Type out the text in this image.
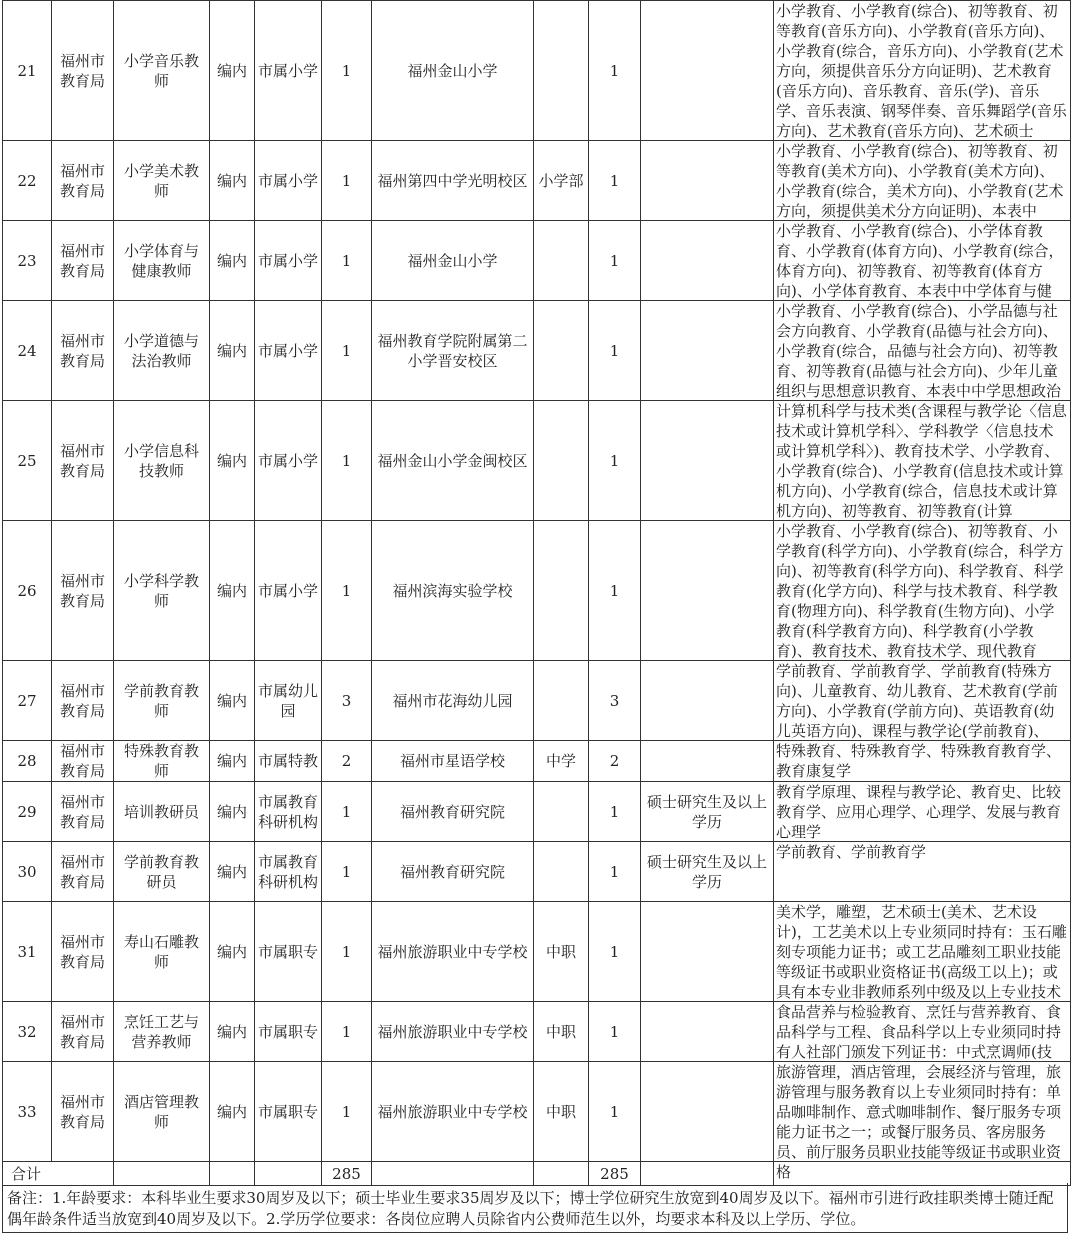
21	福州市教育局	小学音乐教师	编内	市属小学	1	福州金山小学		1		小学教育、小学教育(综合)、初等教育、初等教育(音乐方向)、小学教育(音乐方向)、小学教育(综合，音乐方向)、小学教育(艺术方向，须提供音乐分方向证明)、艺术教育(音乐方向)、音乐教育、音乐(学)、音乐学、音乐表演、钢琴伴奏、音乐舞蹈学(音乐方向)、艺术教育(音乐方向)、艺术硕士

22	福州市教育局	小学美术教师	编内	市属小学	1	福州第四中学光明校区	小学部	1		小学教育、小学教育(综合)、初等教育、初等教育(美术方向)、小学教育(美术方向)、小学教育(综合，美术方向)、小学教育(艺术方向，须提供美术分方向证明)、本表中

23	福州市教育局	小学体育与健康教师	编内	市属小学	1	福州金山小学		1		小学教育、小学教育(综合)、小学体育教育、小学教育(体育方向)、小学教育(综合，体育方向)、初等教育、初等教育(体育方向)、小学体育教育、本表中中学体育与健

24	福州市教育局	小学道德与法治教师	编内	市属小学	1	福州教育学院附属第二小学晋安校区		1		小学教育、小学教育(综合)、小学品德与社会方向教育、小学教育(品德与社会方向)、小学教育(综合，品德与社会方向)、初等教育、初等教育(品德与社会方向)、少年儿童组织与思想意识教育、本表中中学思想政治

25	福州市教育局	小学信息科技教师	编内	市属小学	1	福州金山小学金闽校区		1		计算机科学与技术类(含课程与教学论〈信息技术或计算机学科〉、学科教学〈信息技术或计算机学科〉)、教育技术学、小学教育、小学教育(综合)、小学教育(信息技术或计算机方向)、小学教育(综合，信息技术或计算机方向)、初等教育、初等教育(计算

26	福州市教育局	小学科学教师	编内	市属小学	1	福州滨海实验学校		1		小学教育、小学教育(综合)、初等教育、小学教育(科学方向)、小学教育(综合，科学方向)、初等教育(科学方向)、科学教育、科学教育(化学方向)、科学与技术教育、科学教育(物理方向)、科学教育(生物方向)、小学教育(科学教育方向)、科学教育(小学教育)、教育技术、教育技术学、现代教育

27	福州市教育局	学前教育教师	编内	市属幼儿园	3	福州市花海幼儿园		3		学前教育、学前教育学、学前教育(特殊方向)、儿童教育、幼儿教育、艺术教育(学前方向)、小学教育(学前方向)、英语教育(幼儿英语方向)、课程与教学论(学前教育)、

28	福州市教育局	特殊教育教师	编内	市属特教	2	福州市星语学校	中学	2		特殊教育、特殊教育学、特殊教育教育学、教育康复学

29	福州市教育局	培训教研员	编内	市属教育科研机构	1	福州教育研究院		1	硕士研究生及以上学历	教育学原理、课程与教学论、教育史、比较教育学、应用心理学、心理学、发展与教育心理学

30	福州市教育局	学前教育教研员	编内	市属教育科研机构	1	福州教育研究院		1	硕士研究生及以上学历	学前教育、学前教育学

31	福州市教育局	寿山石雕教师	编内	市属职专	1	福州旅游职业中专学校	中职	1		美术学，雕塑，艺术硕士(美术、艺术设计)，工艺美术以上专业须同时持有：玉石雕刻专项能力证书；或工艺品雕刻工职业技能等级证书或职业资格证书(高级工以上)；或具有本专业非教师系列中级及以上专业技术

32	福州市教育局	烹饪工艺与营养教师	编内	市属职专	1	福州旅游职业中专学校	中职	1		食品营养与检验教育、烹饪与营养教育、食品科学与工程、食品科学以上专业须同时持有人社部门颁发下列证书：中式烹调师(技

33	福州市教育局	酒店管理教师	编内	市属职专	1	福州旅游职业中专学校	中职	1		旅游管理，酒店管理，会展经济与管理，旅游管理与服务教育以上专业须同时持有：单品咖啡制作、意式咖啡制作、餐厅服务专项能力证书之一；或餐厅服务员、客房服务员、前厅服务员职业技能等级证书或职业资格

合计					285			285		
备注：1.年龄要求：本科毕业生要求30周岁及以下；硕士毕业生要求35周岁及以下；博士学位研究生放宽到40周岁及以下。福州市引进行政挂职类博士随迁配偶年龄条件适当放宽到40周岁及以下。2.学历学位要求：各岗位应聘人员除省内公费师范生以外，均要求本科及以上学历、学位。
